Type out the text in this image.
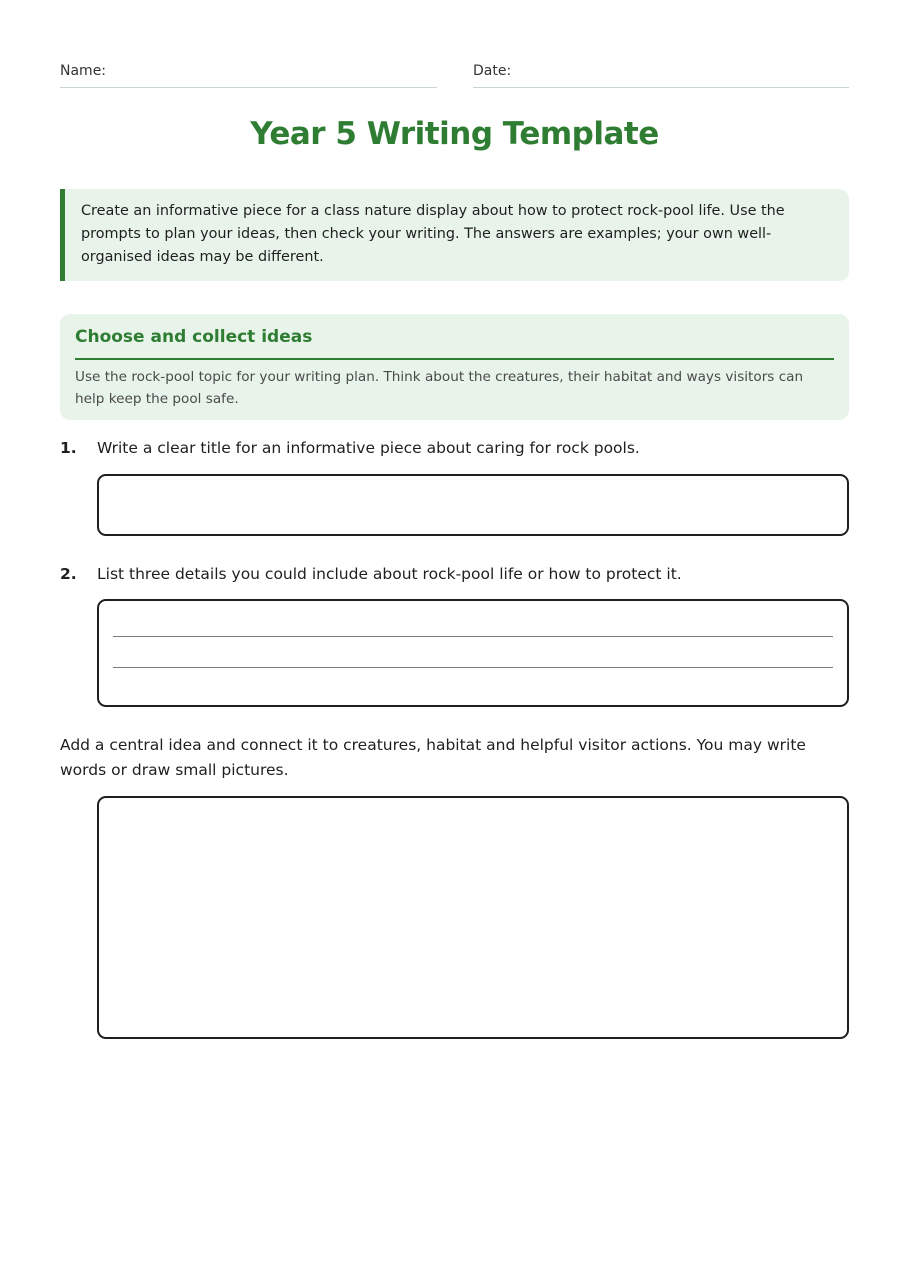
Name:	Date:
Year 5 Writing Template
Create an informative piece for a class nature display about how to protect rock-pool life. Use the prompts to plan your ideas, then check your writing. The answers are examples; your own well-organised ideas may be different.
Choose and collect ideas
Use the rock-pool topic for your writing plan. Think about the creatures, their habitat and ways visitors can help keep the pool safe.
1. Write a clear title for an informative piece about caring for rock pools.
2. List three details you could include about rock-pool life or how to protect it.
Add a central idea and connect it to creatures, habitat and helpful visitor actions. You may write words or draw small pictures.
